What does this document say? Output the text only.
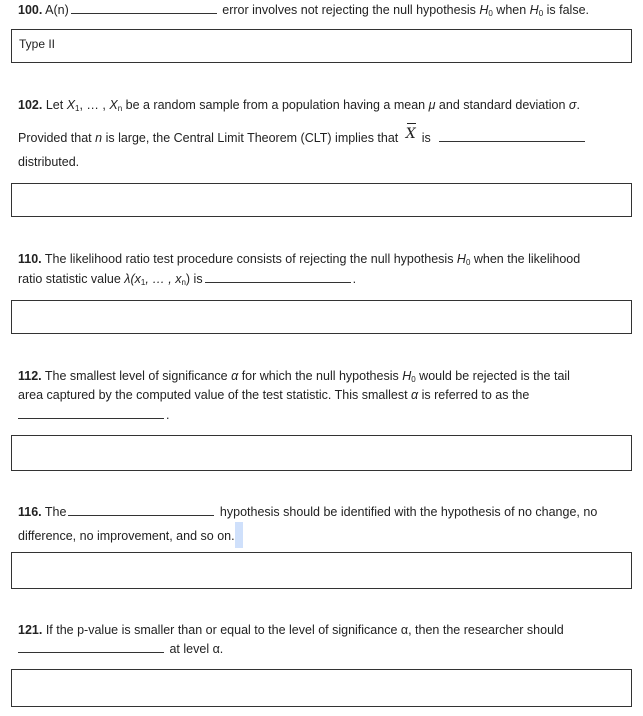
100. A(n)	error involves not rejecting the null hypothesis $H_0$ when $H_0$ is false.
Type II
102. Let $X_1$, … , $X_n$ be a random sample from a population having a mean μ and standard deviation σ.
Provided that n is large, the Central Limit Theorem (CLT) implies that X is
distributed.
110. The likelihood ratio test procedure consists of rejecting the null hypothesis $H_0$ when the likelihood
ratio statistic value $\lambda(x_1$, … , $x_n$) is	.
112. The smallest level of significance α for which the null hypothesis $H_0$ would be rejected is the tail
area captured by the computed value of the test statistic. This smallest α is referred to as the
.
116. The	hypothesis should be identified with the hypothesis of no change, no
difference, no improvement, and so on.
121. If the p-value is smaller than or equal to the level of significance α, then the researcher should
at level α.
